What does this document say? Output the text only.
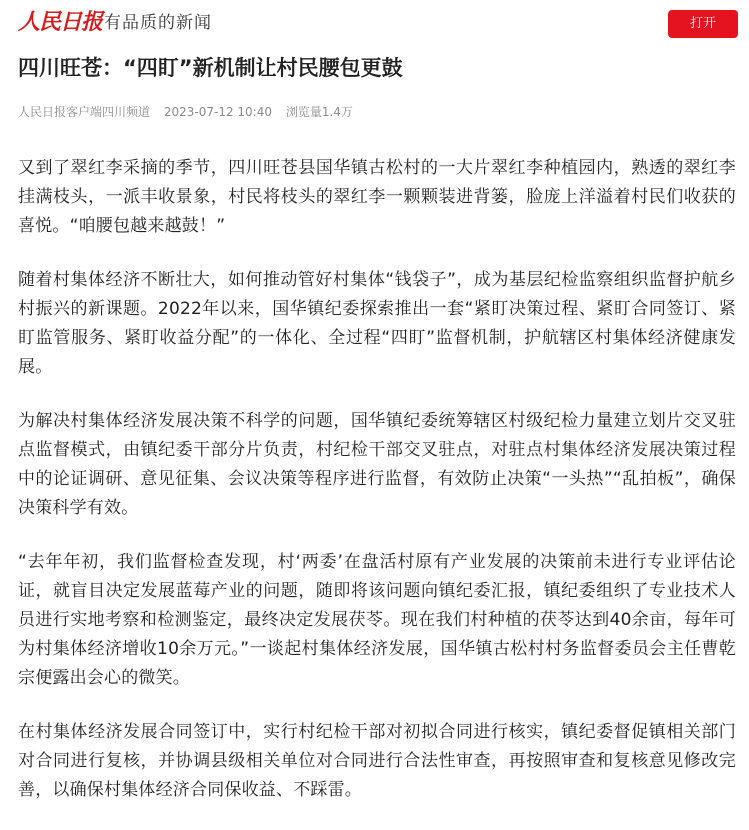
人民日报 有品质的新闻	打开
四川旺苍：“四盯”新机制让村民腰包更鼓
人民日报客户端四川频道 2023-07-12 10:40 浏览量1.4万

又到了翠红李采摘的季节，四川旺苍县国华镇古松村的一大片翠红李种植园内，熟透的翠红李挂满枝头，一派丰收景象，村民将枝头的翠红李一颗颗装进背篓，脸庞上洋溢着村民们收获的喜悦。“咱腰包越来越鼓！”

随着村集体经济不断壮大，如何推动管好村集体“钱袋子”，成为基层纪检监察组织监督护航乡村振兴的新课题。2022年以来，国华镇纪委探索推出一套“紧盯决策过程、紧盯合同签订、紧盯监管服务、紧盯收益分配”的一体化、全过程“四盯”监督机制，护航辖区村集体经济健康发展。

为解决村集体经济发展决策不科学的问题，国华镇纪委统筹辖区村级纪检力量建立划片交叉驻点监督模式，由镇纪委干部分片负责，村纪检干部交叉驻点，对驻点村集体经济发展决策过程中的论证调研、意见征集、会议决策等程序进行监督，有效防止决策“一头热”“乱拍板”，确保决策科学有效。

“去年年初，我们监督检查发现，村‘两委’在盘活村原有产业发展的决策前未进行专业评估论证，就盲目决定发展蓝莓产业的问题，随即将该问题向镇纪委汇报，镇纪委组织了专业技术人员进行实地考察和检测鉴定，最终决定发展茯苓。现在我们村种植的茯苓达到40余亩，每年可为村集体经济增收10余万元。”一谈起村集体经济发展，国华镇古松村村务监督委员会主任曹乾宗便露出会心的微笑。

在村集体经济发展合同签订中，实行村纪检干部对初拟合同进行核实，镇纪委督促镇相关部门对合同进行复核，并协调县级相关单位对合同进行合法性审查，再按照审查和复核意见修改完善，以确保村集体经济合同保收益、不踩雷。
